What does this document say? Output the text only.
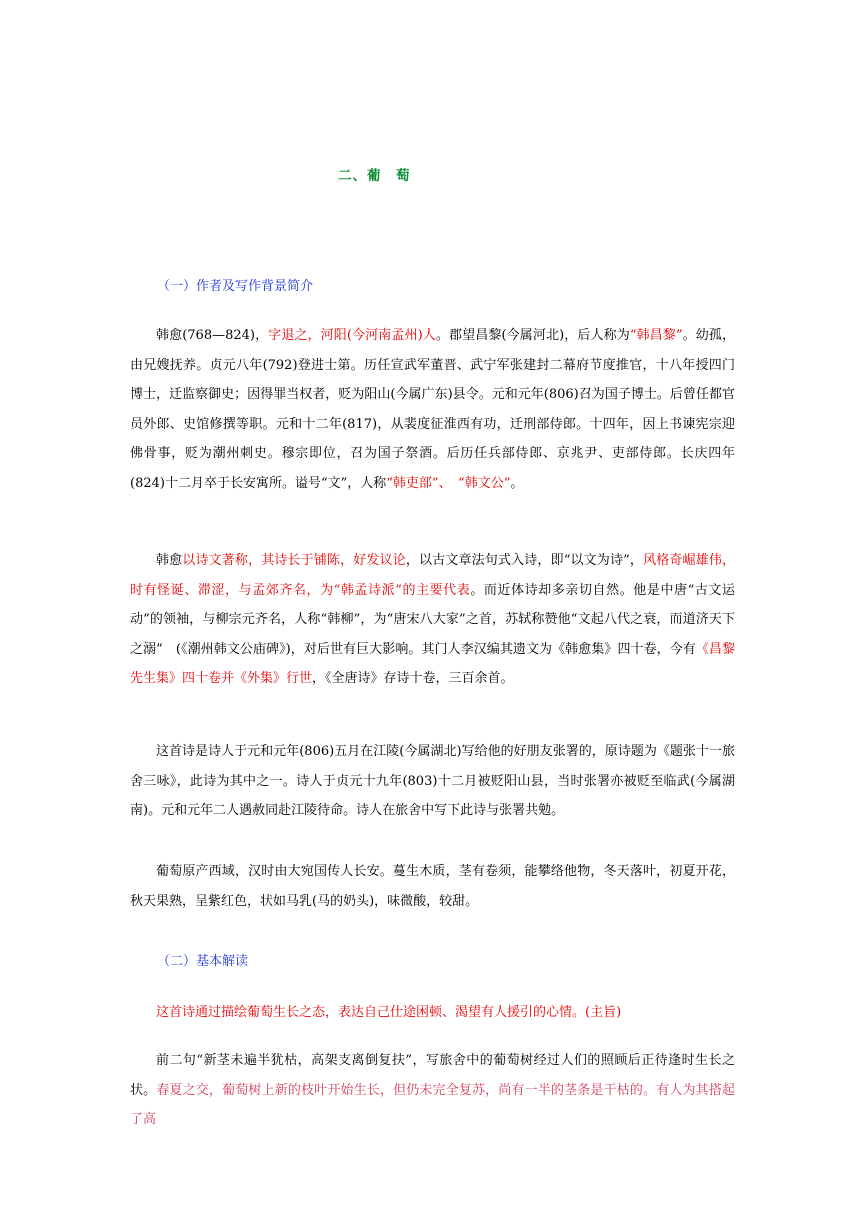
二、葡　萄
（一）作者及写作背景简介
韩愈(768—824)，字退之，河阳(今河南孟州)人。郡望昌黎(今属河北)，后人称为“韩昌黎”。幼孤，由兄嫂抚养。贞元八年(792)登进士第。历任宣武军董晋、武宁军张建封二幕府节度推官，十八年授四门博士，迁监察御史；因得罪当权者，贬为阳山(今属广东)县令。元和元年(806)召为国子博士。后曾任都官员外郎、史馆修撰等职。元和十二年(817)，从裴度征淮西有功，迁刑部侍郎。十四年，因上书谏宪宗迎佛骨事，贬为潮州刺史。穆宗即位，召为国子祭酒。后历任兵部侍郎、京兆尹、吏部侍郎。长庆四年(824)十二月卒于长安寓所。谥号“文”，人称“韩吏部”、　“韩文公”。
韩愈以诗文著称，其诗长于铺陈，好发议论，以古文章法句式入诗，即“以文为诗”，风格奇崛雄伟，时有怪诞、滞涩，与孟郊齐名，为“韩孟诗派”的主要代表。而近体诗却多亲切自然。他是中唐“古文运动”的领袖，与柳宗元齐名，人称“韩柳”，为“唐宋八大家”之首，苏轼称赞他“文起八代之衰，而道济天下之溺”　(《潮州韩文公庙碑》)，对后世有巨大影响。其门人李汉编其遗文为《韩愈集》四十卷，今有《昌黎先生集》四十卷并《外集》行世，《全唐诗》存诗十卷，三百余首。
这首诗是诗人于元和元年(806)五月在江陵(今属湖北)写给他的好朋友张署的，原诗题为《题张十一旅舍三咏》，此诗为其中之一。诗人于贞元十九年(803)十二月被贬阳山县，当时张署亦被贬至临武(今属湖南)。元和元年二人遇赦同赴江陵待命。诗人在旅舍中写下此诗与张署共勉。
葡萄原产西域，汉时由大宛国传人长安。蔓生木质，茎有卷须，能攀络他物，冬天落叶，初夏开花，秋天果熟，呈紫红色，状如马乳(马的奶头)，味微酸，较甜。
（二）基本解读
这首诗通过描绘葡萄生长之态，表达自己仕途困顿、渴望有人援引的心情。(主旨)
前二句“新茎未遍半犹枯，高架支离倒复扶”，写旅舍中的葡萄树经过人们的照顾后正待逢时生长之状。春夏之交，葡萄树上新的枝叶开始生长，但仍未完全复苏，尚有一半的茎条是干枯的。有人为其搭起了高
